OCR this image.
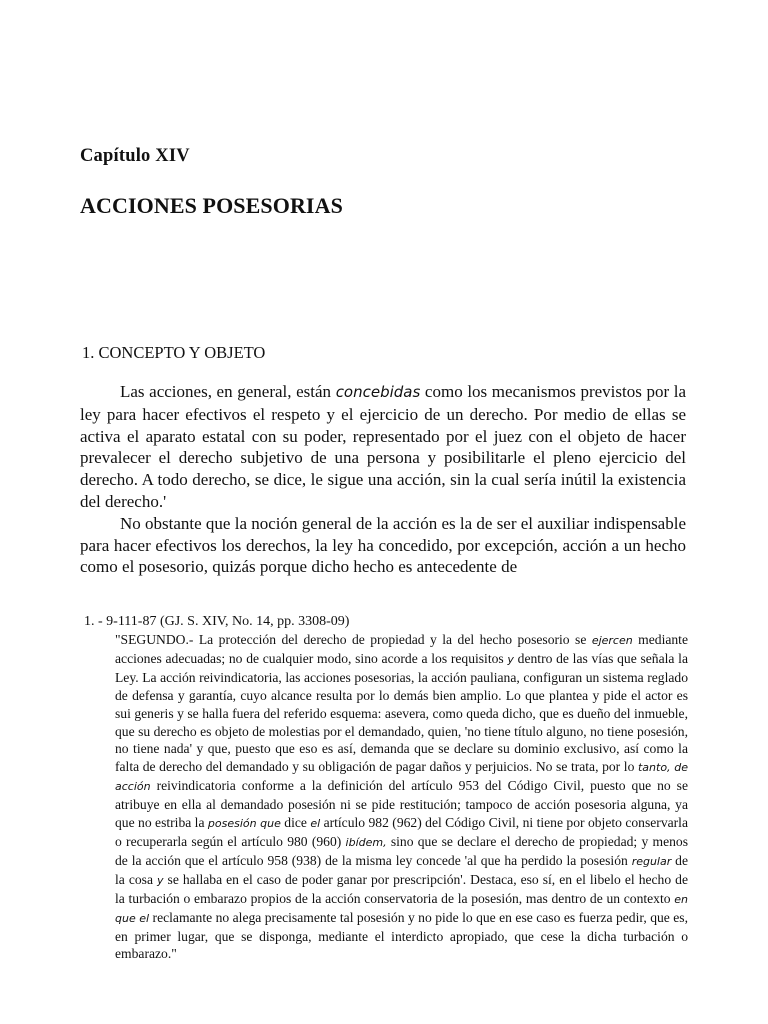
Capítulo XIV
ACCIONES POSESORIAS
1. CONCEPTO Y OBJETO

Las acciones, en general, están concebidas como los mecanismos previstos por la ley para hacer efectivos el respeto y el ejercicio de un derecho. Por medio de ellas se activa el aparato estatal con su poder, representado por el juez con el objeto de hacer prevalecer el derecho subjetivo de una persona y posibilitarle el pleno ejercicio del derecho. A todo derecho, se dice, le sigue una acción, sin la cual sería inútil la existencia del derecho.'

No obstante que la noción general de la acción es la de ser el auxiliar indispensable para hacer efectivos los derechos, la ley ha concedido, por excepción, acción a un hecho como el posesorio, quizás porque dicho hecho es antecedente de

1. - 9-111-87 (GJ. S. XIV, No. 14, pp. 3308-09)

"SEGUNDO.- La protección del derecho de propiedad y la del hecho posesorio se ejercen mediante acciones adecuadas; no de cualquier modo, sino acorde a los requisitos y dentro de las vías que señala la Ley. La acción reivindicatoria, las acciones posesorias, la acción pauliana, configuran un sistema reglado de defensa y garantía, cuyo alcance resulta por lo demás bien amplio. Lo que plantea y pide el actor es sui generis y se halla fuera del referido esquema: asevera, como queda dicho, que es dueño del inmueble, que su derecho es objeto de molestias por el demandado, quien, 'no tiene título alguno, no tiene posesión, no tiene nada' y que, puesto que eso es así, demanda que se declare su dominio exclusivo, así como la falta de derecho del demandado y su obligación de pagar daños y perjuicios. No se trata, por lo tanto, de acción reivindicatoria conforme a la definición del artículo 953 del Código Civil, puesto que no se atribuye en ella al demandado posesión ni se pide restitución; tampoco de acción posesoria alguna, ya que no estriba la posesión que dice el artículo 982 (962) del Código Civil, ni tiene por objeto conservarla o recuperarla según el artículo 980 (960) ibídem, sino que se declare el derecho de propiedad; y menos de la acción que el artículo 958 (938) de la misma ley concede 'al que ha perdido la posesión regular de la cosa y se hallaba en el caso de poder ganar por prescripción'. Destaca, eso sí, en el libelo el hecho de la turbación o embarazo propios de la acción conservatoria de la posesión, mas dentro de un contexto en que el reclamante no alega precisamente tal posesión y no pide lo que en ese caso es fuerza pedir, que es, en primer lugar, que se disponga, mediante el interdicto apropiado, que cese la dicha turbación o embarazo."
